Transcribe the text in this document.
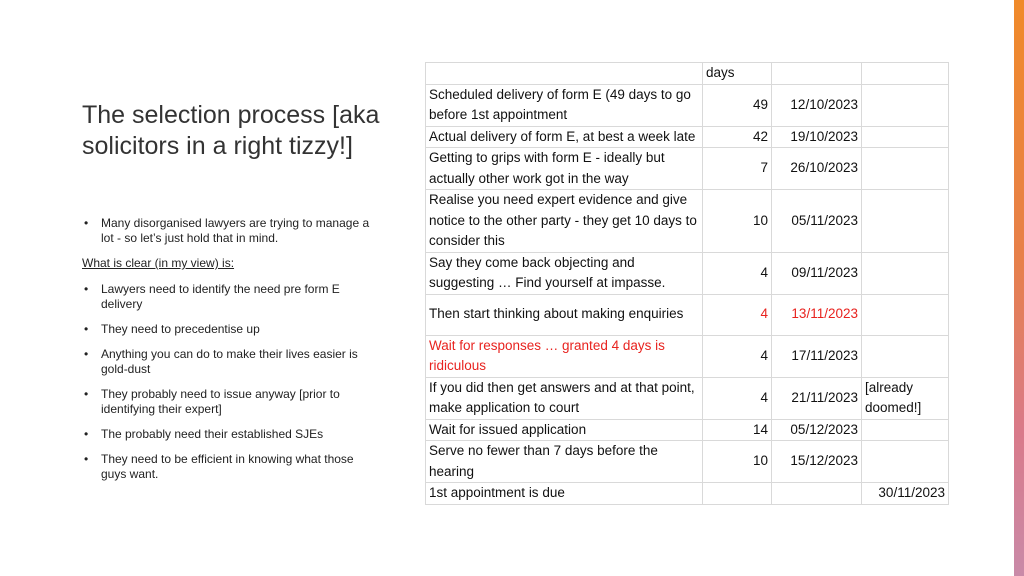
The selection process [aka solicitors in a right tizzy!]
• Many disorganised lawyers are trying to manage a lot - so let’s just hold that in mind.
What is clear (in my view) is:
• Lawyers need to identify the need pre form E delivery
• They need to precedentise up
• Anything you can do to make their lives easier is gold-dust
• They probably need to issue anyway [prior to identifying their expert]
• The probably need their established SJEs
• They need to be efficient in knowing what those guys want.
	days		
Scheduled delivery of form E (49 days to go before 1st appointment	49	12/10/2023	
Actual delivery of form E, at best a week late	42	19/10/2023	
Getting to grips with form E - ideally but actually other work got in the way	7	26/10/2023	
Realise you need expert evidence and give notice to the other party - they get 10 days to consider this	10	05/11/2023	
Say they come back objecting and suggesting … Find yourself at impasse.	4	09/11/2023	
Then start thinking about making enquiries	4	13/11/2023	
Wait for responses … granted 4 days is ridiculous	4	17/11/2023	
If you did then get answers and at that point, make application to court	4	21/11/2023	[already doomed!]
Wait for issued application	14	05/12/2023	
Serve no fewer than 7 days before the hearing	10	15/12/2023	
1st appointment is due			30/11/2023
